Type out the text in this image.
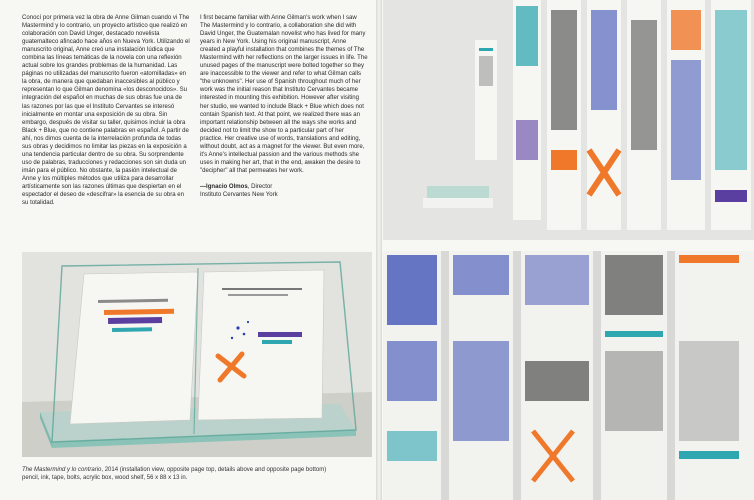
Conocí por primera vez la obra de Anne Gilman cuando vi The Mastermind y lo contrario, un proyecto artístico que realizó en colaboración con David Unger, destacado novelista guatemalteco afincado hace años en Nueva York. Utilizando el manuscrito original, Anne creó una instalación lúdica que combina las líneas temáticas de la novela con una reflexión actual sobre los grandes problemas de la humanidad. Las páginas no utilizadas del manuscrito fueron «atornilladas» en la obra, de manera que quedaban inaccesibles al público y representan lo que Gilman denomina «los desconocidos». Su integración del español en muchas de sus obras fue una de las razones por las que el Instituto Cervantes se interesó inicialmente en montar una exposición de su obra. Sin embargo, después de visitar su taller, quisimos incluir la obra Black + Blue, que no contiene palabras en español. A partir de ahí, nos dimos cuenta de la interrelación profunda de todas sus obras y decidimos no limitar las piezas en la exposición a una tendencia particular dentro de su obra. Su sorprendente uso de palabras, traducciones y redacciones son sin duda un imán para el público. No obstante, la pasión intelectual de Anne y los múltiples métodos que utiliza para desarrollar artísticamente son las razones últimas que despiertan en el espectador el deseo de «descifrar» la esencia de su obra en su totalidad.

I first became familiar with Anne Gilman's work when I saw The Mastermind y lo contrario, a collaboration she did with David Unger, the Guatemalan novelist who has lived for many years in New York. Using his original manuscript, Anne created a playful installation that combines the themes of The Mastermind with her reflections on the larger issues in life. The unused pages of the manuscript were bolted together so they are inaccessible to the viewer and refer to what Gilman calls "the unknowns". Her use of Spanish throughout much of her work was the initial reason that Instituto Cervantes became interested in mounting this exhibition. However after visiting her studio, we wanted to include Black + Blue which does not contain Spanish text. At that point, we realized there was an important relationship between all the ways she works and decided not to limit the show to a particular part of her practice. Her creative use of words, translations and editing, without doubt, act as a magnet for the viewer. But even more, it's Anne's intellectual passion and the various methods she uses in making her art, that in the end, awaken the desire to "decipher" all that permeates her work.

—Ignacio Olmos, Director
Instituto Cervantes New York

The Mastermind y lo contrario, 2014 (installation view, opposite page top, details above and opposite page bottom)
pencil, ink, tape, bolts, acrylic box, wood shelf, 56 x 88 x 13 in.
